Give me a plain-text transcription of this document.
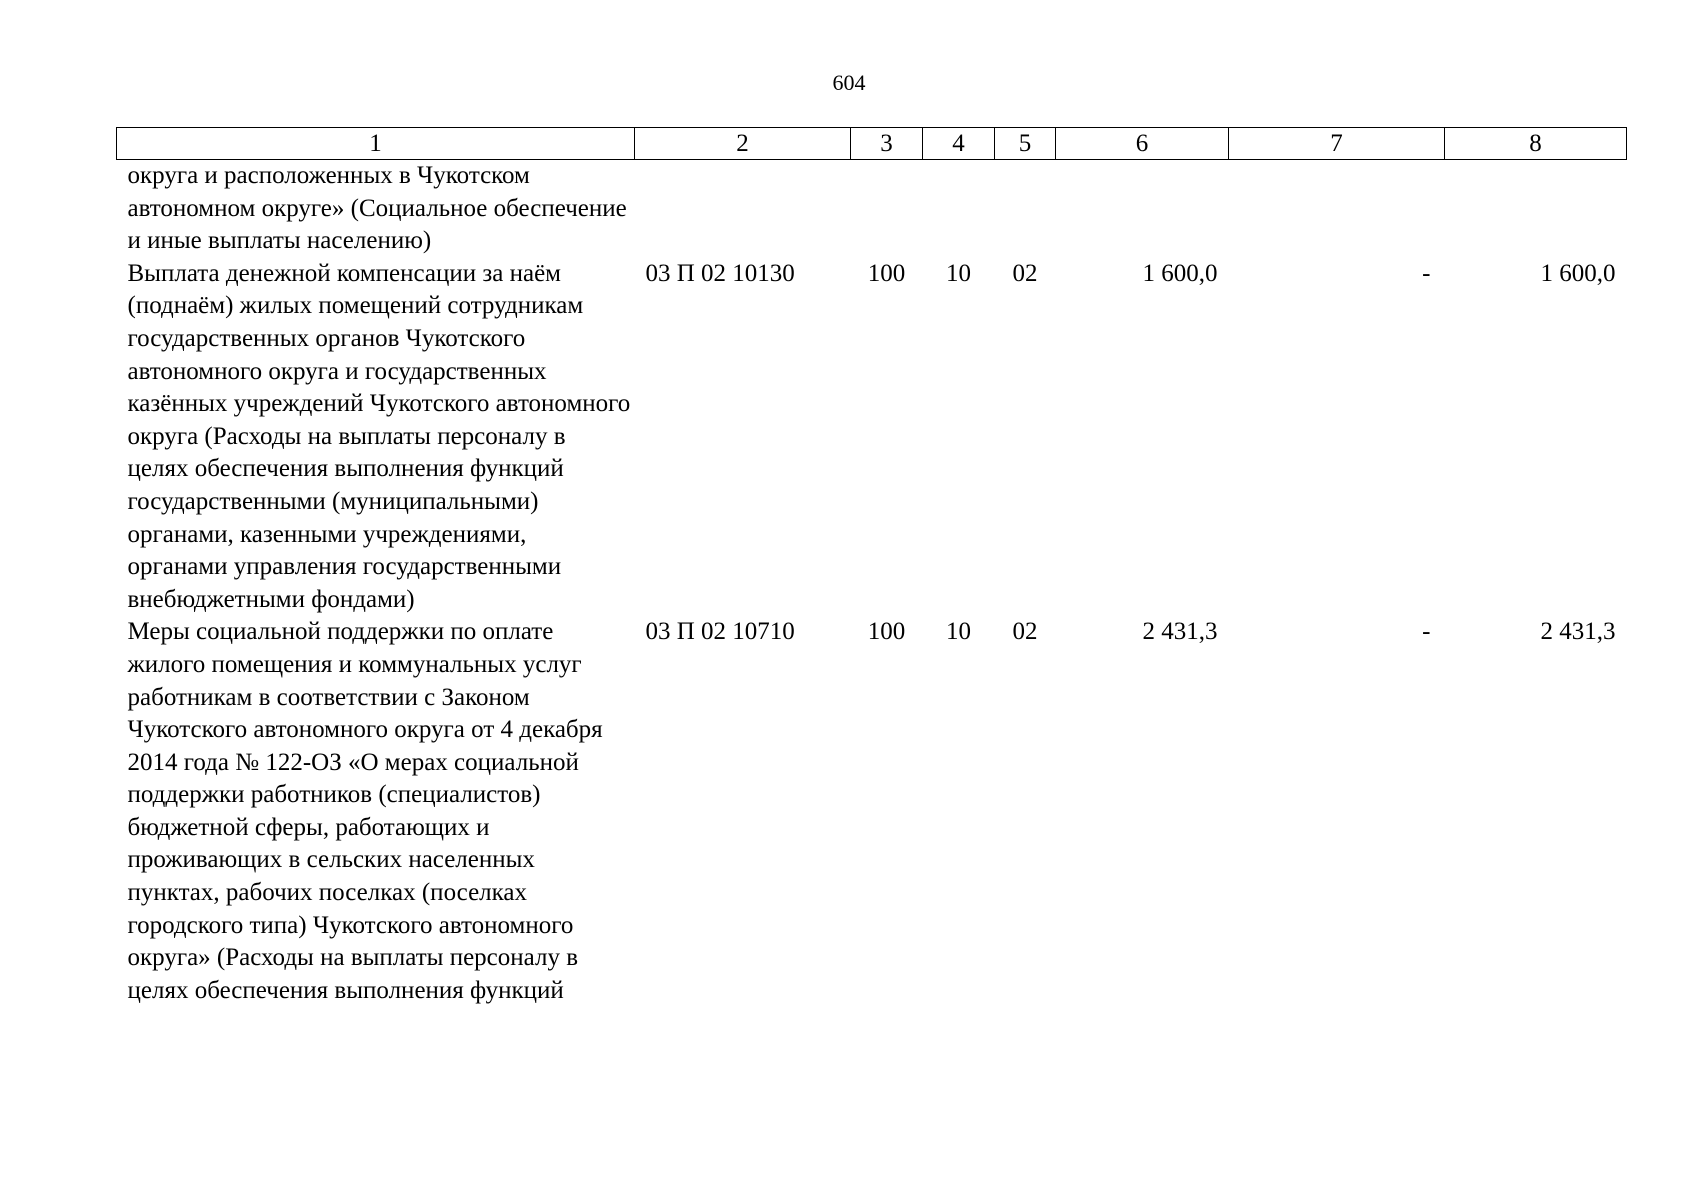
604
1	2	3	4	5	6	7	8
округа и расположенных в Чукотском автономном округе» (Социальное обеспечение и иные выплаты населению)							
Выплата денежной компенсации за наём (поднаём) жилых помещений сотрудникам государственных органов Чукотского автономного округа и государственных казённых учреждений Чукотского автономного округа (Расходы на выплаты персоналу в целях обеспечения выполнения функций государственными (муниципальными) органами, казенными учреждениями, органами управления государственными внебюджетными фондами)	03 П 02 10130	100	10	02	1 600,0	-	1 600,0
Меры социальной поддержки по оплате жилого помещения и коммунальных услуг работникам в соответствии с Законом Чукотского автономного округа от 4 декабря 2014 года № 122-ОЗ «О мерах социальной поддержки работников (специалистов) бюджетной сферы, работающих и проживающих в сельских населенных пунктах, рабочих поселках (поселках городского типа) Чукотского автономного округа» (Расходы на выплаты персоналу в целях обеспечения выполнения функций	03 П 02 10710	100	10	02	2 431,3	-	2 431,3
